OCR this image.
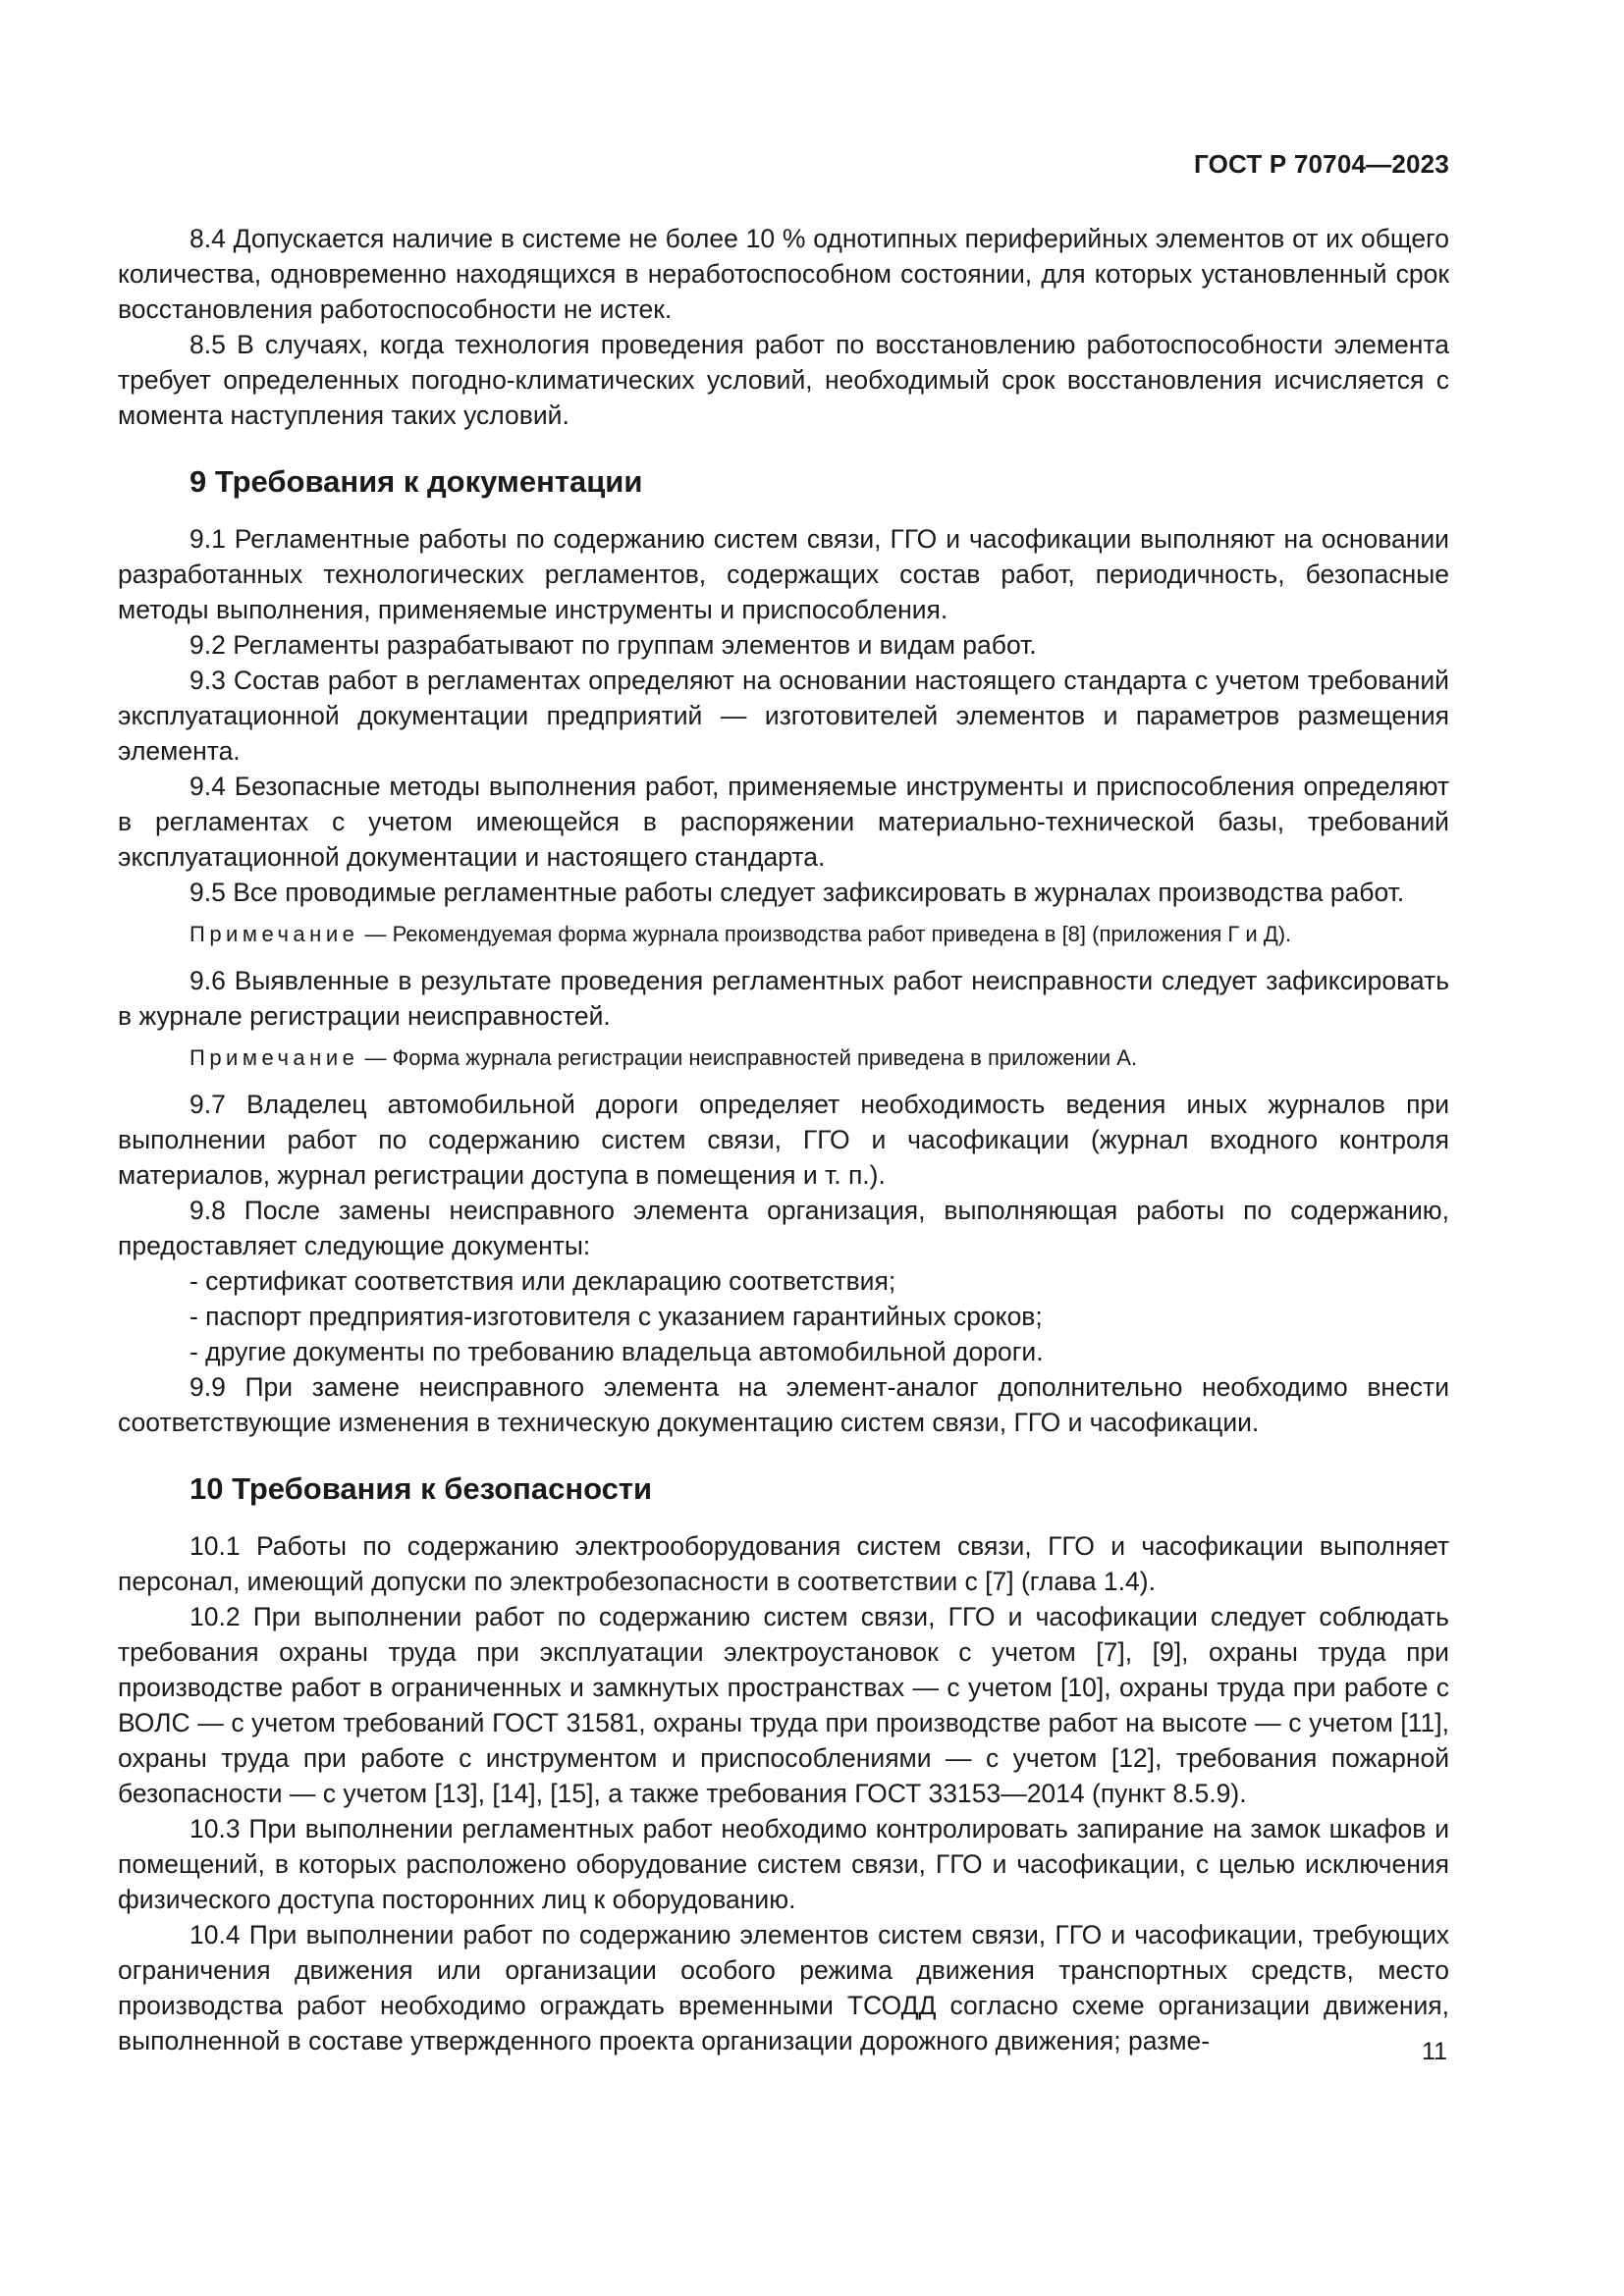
ГОСТ Р 70704—2023

8.4 Допускается наличие в системе не более 10 % однотипных периферийных элементов от их общего количества, одновременно находящихся в неработоспособном состоянии, для которых установленный срок восстановления работоспособности не истек.

8.5 В случаях, когда технология проведения работ по восстановлению работоспособности элемента требует определенных погодно-климатических условий, необходимый срок восстановления исчисляется с момента наступления таких условий.

9 Требования к документации

9.1 Регламентные работы по содержанию систем связи, ГГО и часофикации выполняют на основании разработанных технологических регламентов, содержащих состав работ, периодичность, безопасные методы выполнения, применяемые инструменты и приспособления.

9.2 Регламенты разрабатывают по группам элементов и видам работ.

9.3 Состав работ в регламентах определяют на основании настоящего стандарта с учетом требований эксплуатационной документации предприятий — изготовителей элементов и параметров размещения элемента.

9.4 Безопасные методы выполнения работ, применяемые инструменты и приспособления определяют в регламентах с учетом имеющейся в распоряжении материально-технической базы, требований эксплуатационной документации и настоящего стандарта.

9.5 Все проводимые регламентные работы следует зафиксировать в журналах производства работ.

Примечание — Рекомендуемая форма журнала производства работ приведена в [8] (приложения Г и Д).

9.6 Выявленные в результате проведения регламентных работ неисправности следует зафиксировать в журнале регистрации неисправностей.

Примечание — Форма журнала регистрации неисправностей приведена в приложении А.

9.7 Владелец автомобильной дороги определяет необходимость ведения иных журналов при выполнении работ по содержанию систем связи, ГГО и часофикации (журнал входного контроля материалов, журнал регистрации доступа в помещения и т. п.).

9.8 После замены неисправного элемента организация, выполняющая работы по содержанию, предоставляет следующие документы:

- сертификат соответствия или декларацию соответствия;

- паспорт предприятия-изготовителя с указанием гарантийных сроков;

- другие документы по требованию владельца автомобильной дороги.

9.9 При замене неисправного элемента на элемент-аналог дополнительно необходимо внести соответствующие изменения в техническую документацию систем связи, ГГО и часофикации.

10 Требования к безопасности

10.1 Работы по содержанию электрооборудования систем связи, ГГО и часофикации выполняет персонал, имеющий допуски по электробезопасности в соответствии с [7] (глава 1.4).

10.2 При выполнении работ по содержанию систем связи, ГГО и часофикации следует соблюдать требования охраны труда при эксплуатации электроустановок с учетом [7], [9], охраны труда при производстве работ в ограниченных и замкнутых пространствах — с учетом [10], охраны труда при работе с ВОЛС — с учетом требований ГОСТ 31581, охраны труда при производстве работ на высоте — с учетом [11], охраны труда при работе с инструментом и приспособлениями — с учетом [12], требования пожарной безопасности — с учетом [13], [14], [15], а также требования ГОСТ 33153—2014 (пункт 8.5.9).

10.3 При выполнении регламентных работ необходимо контролировать запирание на замок шкафов и помещений, в которых расположено оборудование систем связи, ГГО и часофикации, с целью исключения физического доступа посторонних лиц к оборудованию.

10.4 При выполнении работ по содержанию элементов систем связи, ГГО и часофикации, требующих ограничения движения или организации особого режима движения транспортных средств, место производства работ необходимо ограждать временными ТСОДД согласно схеме организации движения, выполненной в составе утвержденного проекта организации дорожного движения; разме-	11
